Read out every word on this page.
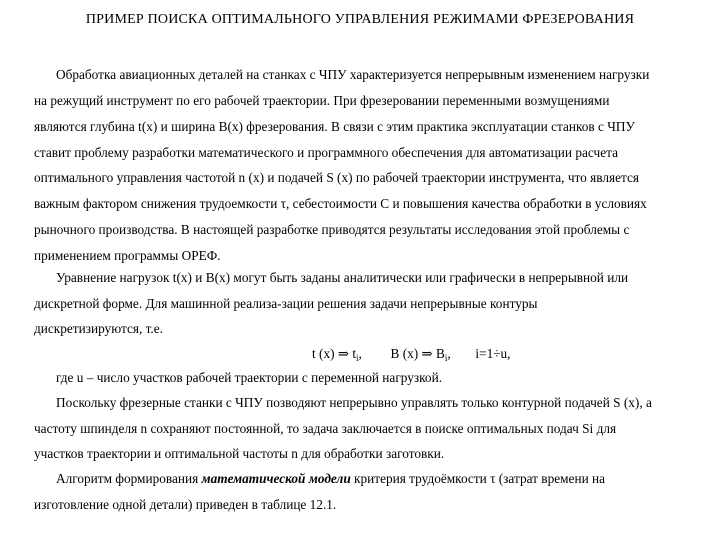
ПРИМЕР ПОИСКА ОПТИМАЛЬНОГО УПРАВЛЕНИЯ РЕЖИМАМИ ФРЕЗЕРОВАНИЯ
Обработка авиационных деталей на станках с ЧПУ характеризуется непрерывным изменением нагрузки
на режущий инструмент по его рабочей траектории. При фрезеровании переменными возмущениями
являются глубина t(x) и ширина B(x) фрезерования. В связи с этим практика эксплуатации станков с ЧПУ
ставит проблему разработки математического и программного обеспечения для автоматизации расчета
оптимального управления частотой n (x) и подачей S (x) по рабочей траектории инструмента, что является
важным фактором снижения трудоемкости τ, себестоимости C и повышения качества обработки в условиях
рыночного производства. В настоящей разработке приводятся результаты исследования этой проблемы с
применением программы ОРЕФ.
Уравнение нагрузок t(x) и B(x) могут быть заданы аналитически или графически в непрерывной или
дискретной форме. Для машинной реализа-зации решения задачи непрерывные контуры
дискретизируются, т.е.
t (x) ⇒ ti, B (x) ⇒ Bi, i=1÷u,
где u – число участков рабочей траектории с переменной нагрузкой.
Поскольку фрезерные станки с ЧПУ позводяют непрерывно управлять только контурной подачей S (x), а
частоту шпинделя n сохраняют постоянной, то задача заключается в поиске оптимальных подач Si для
участков траектории и оптимальной частоты n для обработки заготовки.
Алгоритм формирования математической модели критерия трудоёмкости τ (затрат времени на
изготовление одной детали) приведен в таблице 12.1.
